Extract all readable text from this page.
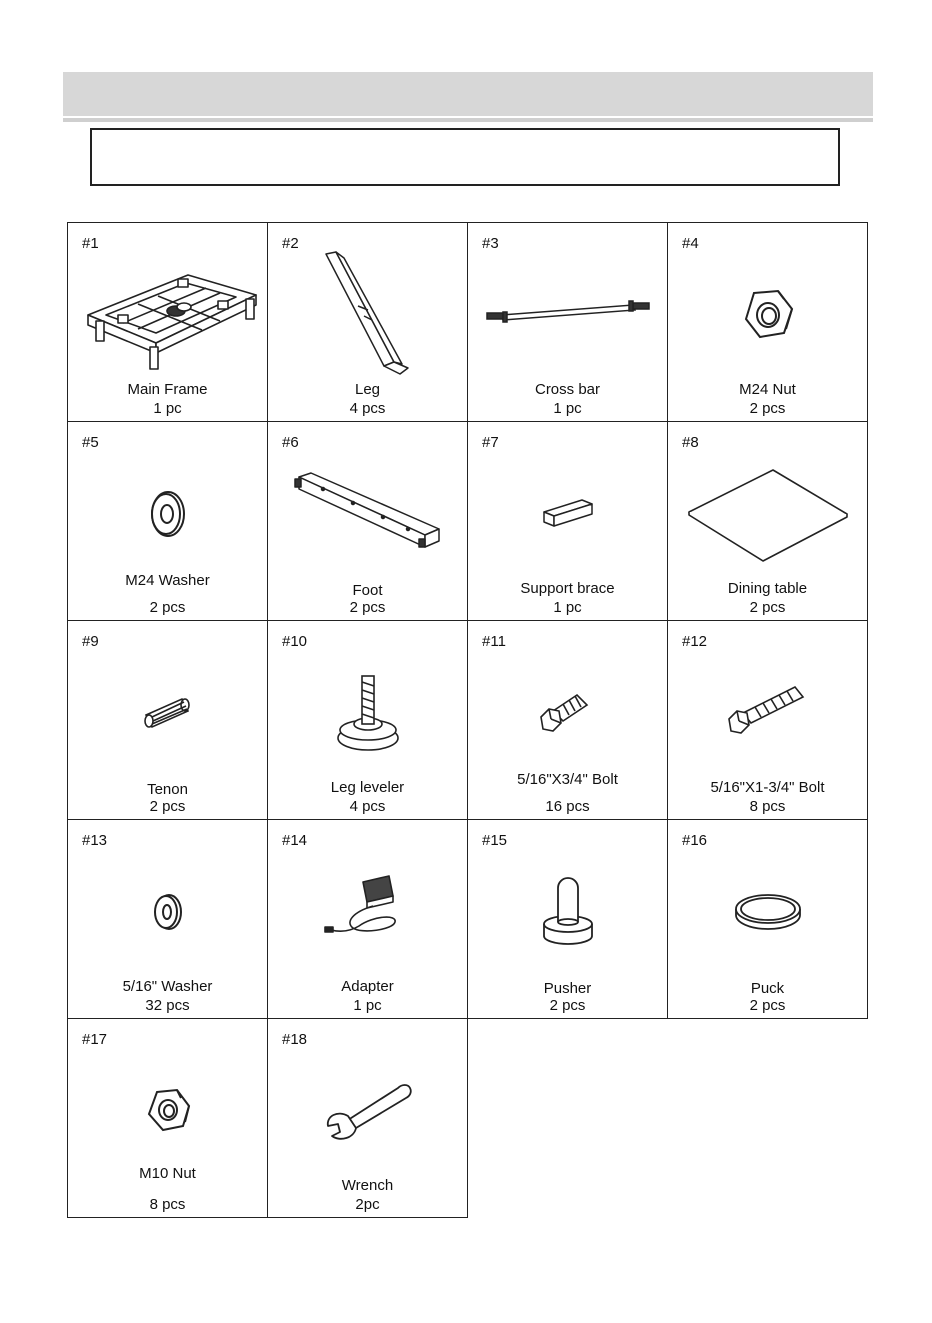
#1
Main Frame
1 pc
#2
Leg
4 pcs
#3
Cross bar
1 pc
#4
M24 Nut
2 pcs
#5
M24 Washer
2 pcs
#6
Foot
2 pcs
#7
Support brace
1 pc
#8
Dining table
2 pcs
#9
Tenon
2 pcs
#10
Leg leveler
4 pcs
#11
5/16"X3/4" Bolt
16 pcs
#12
5/16"X1-3/4" Bolt
8 pcs
#13
5/16" Washer
32 pcs
#14
Adapter
1 pc
#15
Pusher
2 pcs
#16
Puck
2 pcs
#17
M10 Nut
8 pcs
#18
Wrench
2pc
